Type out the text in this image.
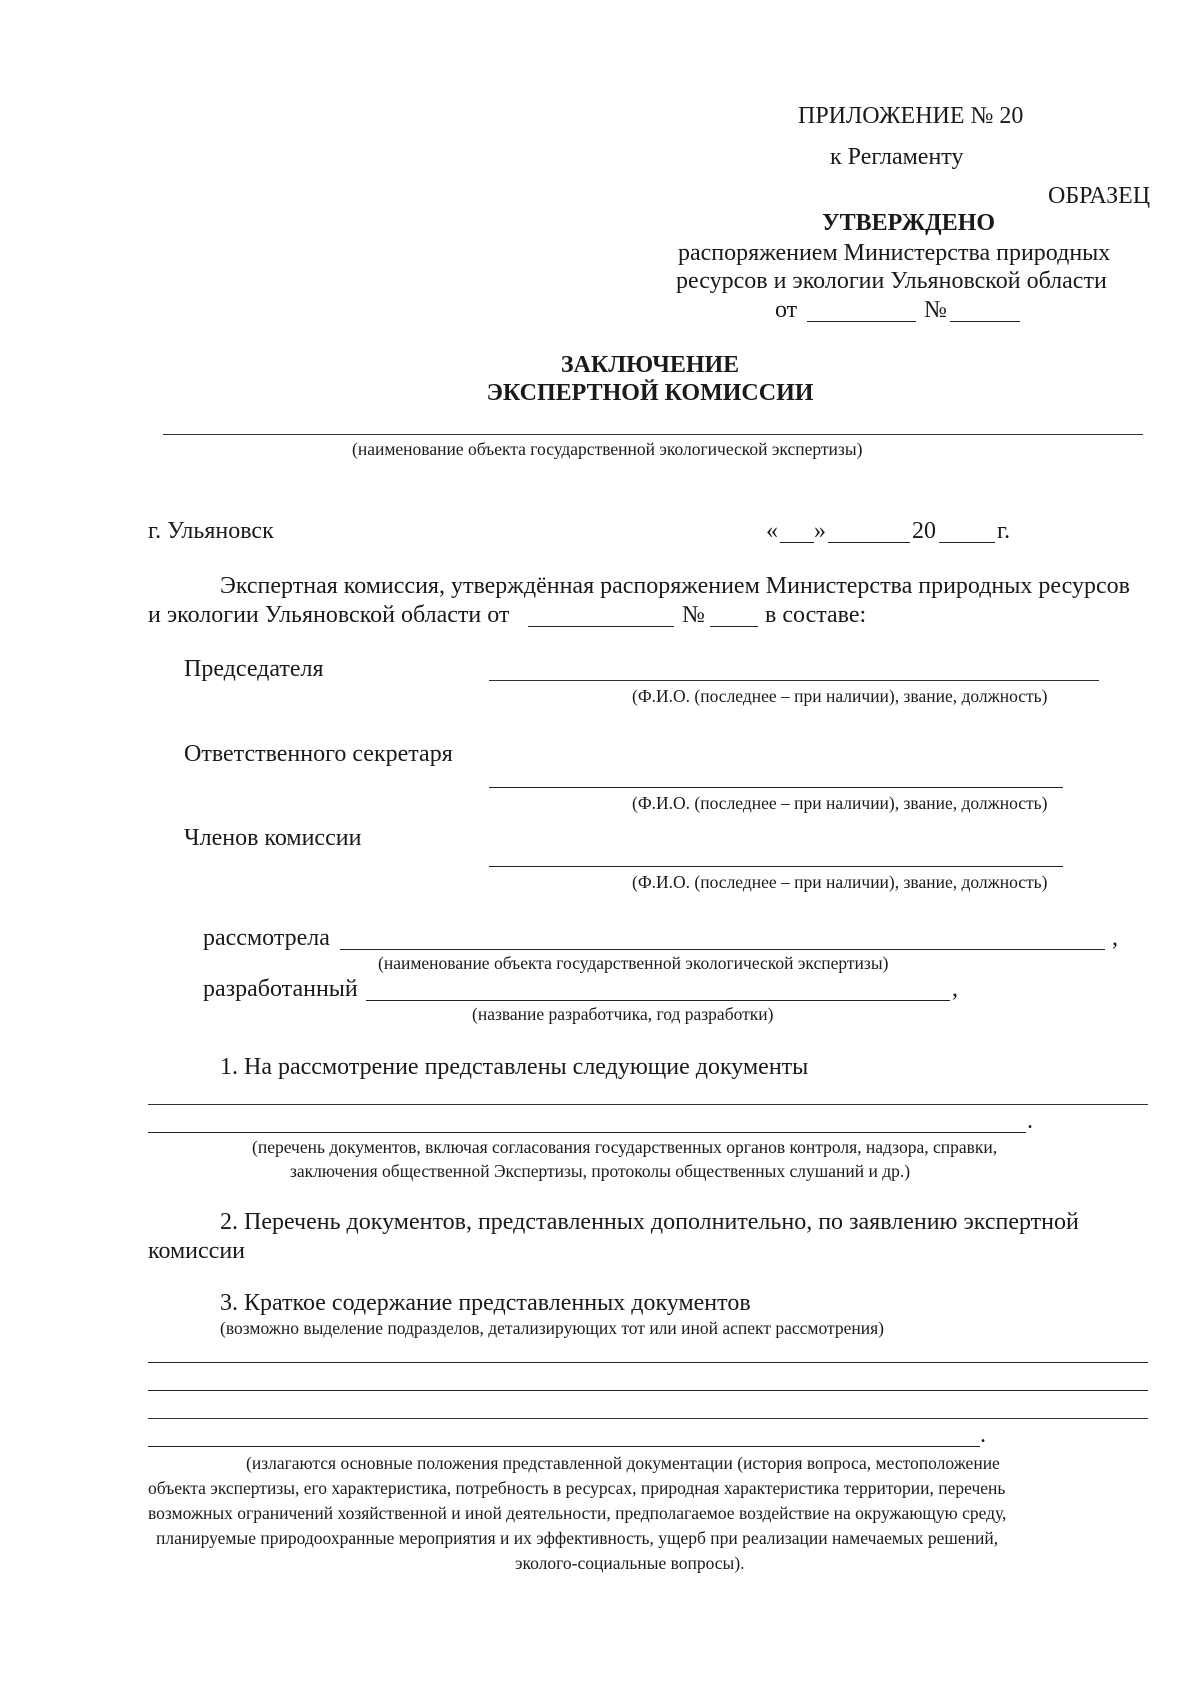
ПРИЛОЖЕНИЕ № 20
к Регламенту
ОБРАЗЕЦ
УТВЕРЖДЕНО
распоряжением Министерства природных
ресурсов и экологии Ульяновской области
от	№
ЗАКЛЮЧЕНИЕ
ЭКСПЕРТНОЙ КОМИССИИ
(наименование объекта государственной экологической экспертизы)
г. Ульяновск	« »	20	г.
Экспертная комиссия, утверждённая распоряжением Министерства природных ресурсов
и экологии Ульяновской области от	№	в составе:
Председателя
(Ф.И.О. (последнее – при наличии), звание, должность)
Ответственного секретаря
(Ф.И.О. (последнее – при наличии), звание, должность)
Членов комиссии
(Ф.И.О. (последнее – при наличии), звание, должность)
рассмотрела	,
(наименование объекта государственной экологической экспертизы)
разработанный	,
(название разработчика, год разработки)
1. На рассмотрение представлены следующие документы
.
(перечень документов, включая согласования государственных органов контроля, надзора, справки,
заключения общественной Экспертизы, протоколы общественных слушаний и др.)
2. Перечень документов, представленных дополнительно, по заявлению экспертной
комиссии
3. Краткое содержание представленных документов
(возможно выделение подразделов, детализирующих тот или иной аспект рассмотрения)
.
(излагаются основные положения представленной документации (история вопроса, местоположение
объекта экспертизы, его характеристика, потребность в ресурсах, природная характеристика территории, перечень
возможных ограничений хозяйственной и иной деятельности, предполагаемое воздействие на окружающую среду,
планируемые природоохранные мероприятия и их эффективность, ущерб при реализации намечаемых решений,
эколого-социальные вопросы).
